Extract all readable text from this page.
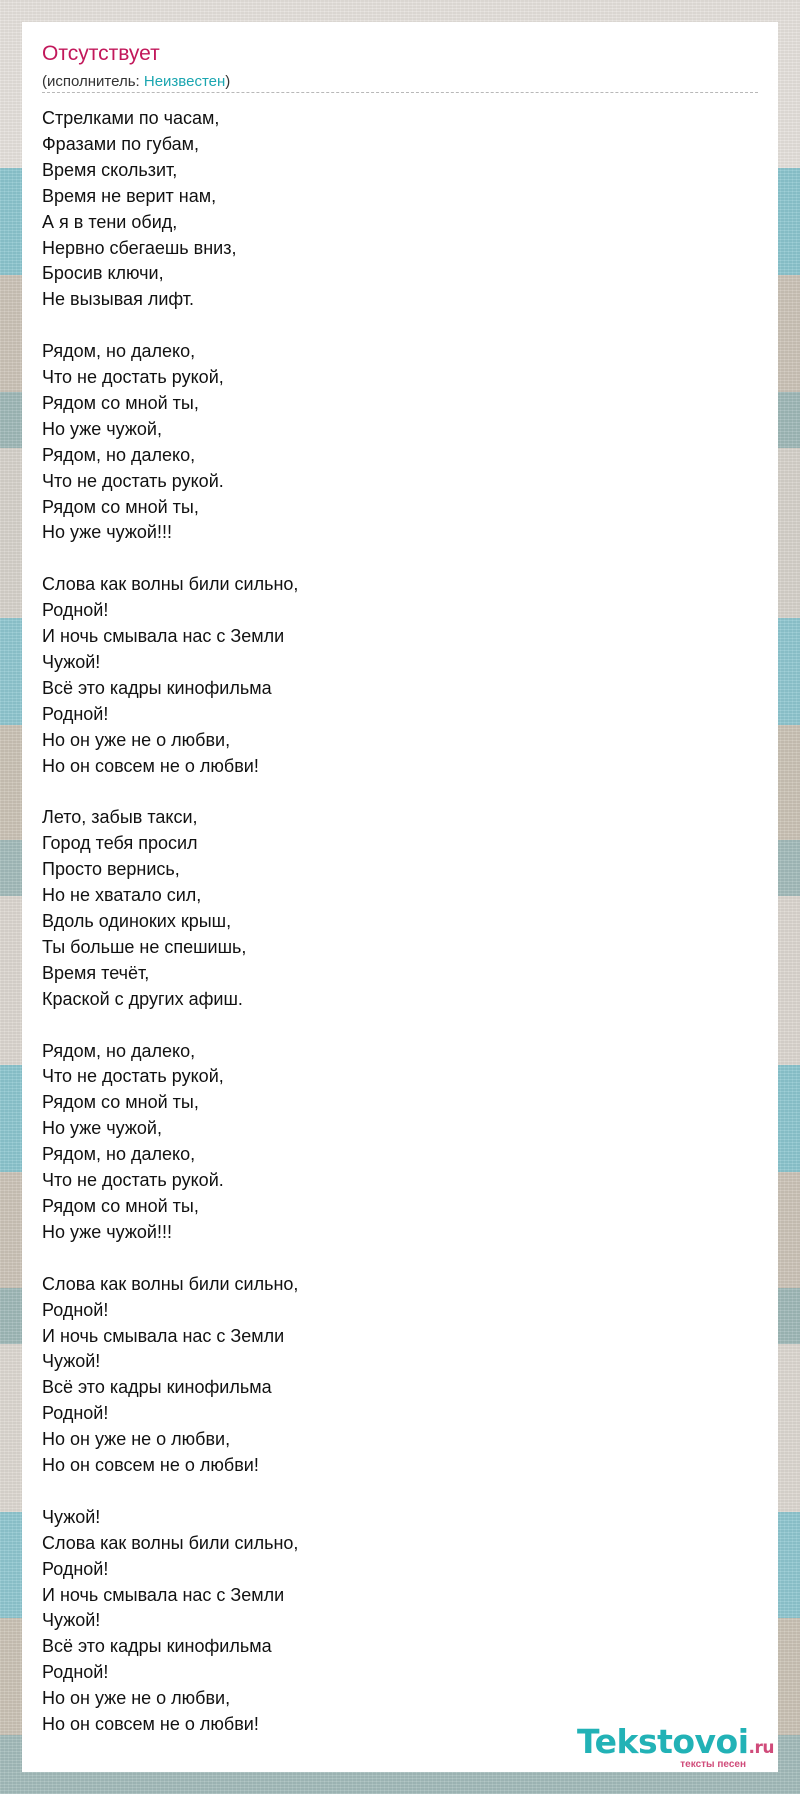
Отсутствует
(исполнитель: Неизвестен)
Стрелками по часам,
Фразами по губам,
Время скользит,
Время не верит нам,
А я в тени обид,
Нервно сбегаешь вниз,
Бросив ключи,
Не вызывая лифт.
Рядом, но далеко,
Что не достать рукой,
Рядом со мной ты,
Но уже чужой,
Рядом, но далеко,
Что не достать рукой.
Рядом со мной ты,
Но уже чужой!!!
Слова как волны били сильно,
Родной!
И ночь смывала нас с Земли
Чужой!
Всё это кадры кинофильма
Родной!
Но он уже не о любви,
Но он совсем не о любви!
Лето, забыв такси,
Город тебя просил
Просто вернись,
Но не хватало сил,
Вдоль одиноких крыш,
Ты больше не спешишь,
Время течёт,
Краской с других афиш.
Рядом, но далеко,
Что не достать рукой,
Рядом со мной ты,
Но уже чужой,
Рядом, но далеко,
Что не достать рукой.
Рядом со мной ты,
Но уже чужой!!!
Слова как волны били сильно,
Родной!
И ночь смывала нас с Земли
Чужой!
Всё это кадры кинофильма
Родной!
Но он уже не о любви,
Но он совсем не о любви!
Чужой!
Слова как волны били сильно,
Родной!
И ночь смывала нас с Земли
Чужой!
Всё это кадры кинофильма
Родной!
Но он уже не о любви,
Но он совсем не о любви!	Tekstovoi.ru
тексты песен
